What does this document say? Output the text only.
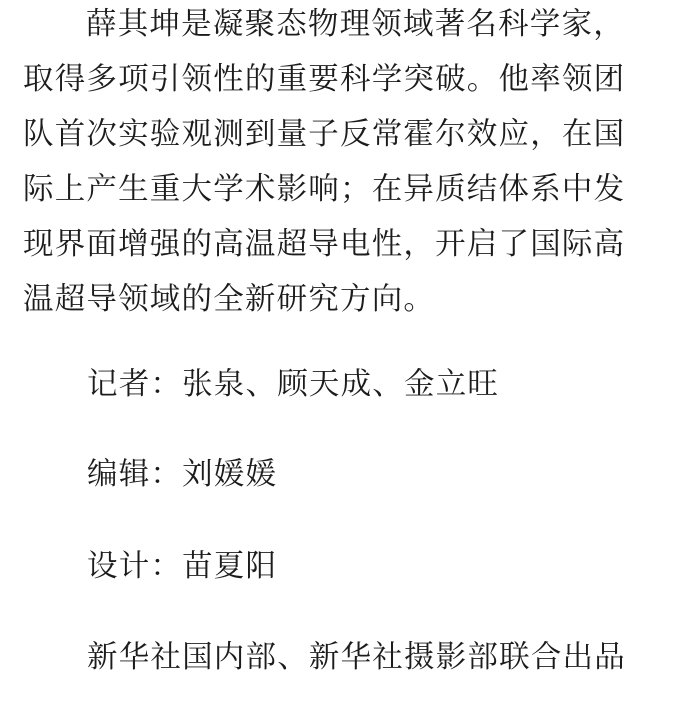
薛其坤是凝聚态物理领域著名科学家，
取得多项引领性的重要科学突破。他率领团
队首次实验观测到量子反常霍尔效应，在国
际上产生重大学术影响；在异质结体系中发
现界面增强的高温超导电性，开启了国际高
温超导领域的全新研究方向。
记者：张泉、顾天成、金立旺
编辑：刘媛媛
设计：苗夏阳
新华社国内部、新华社摄影部联合出品
